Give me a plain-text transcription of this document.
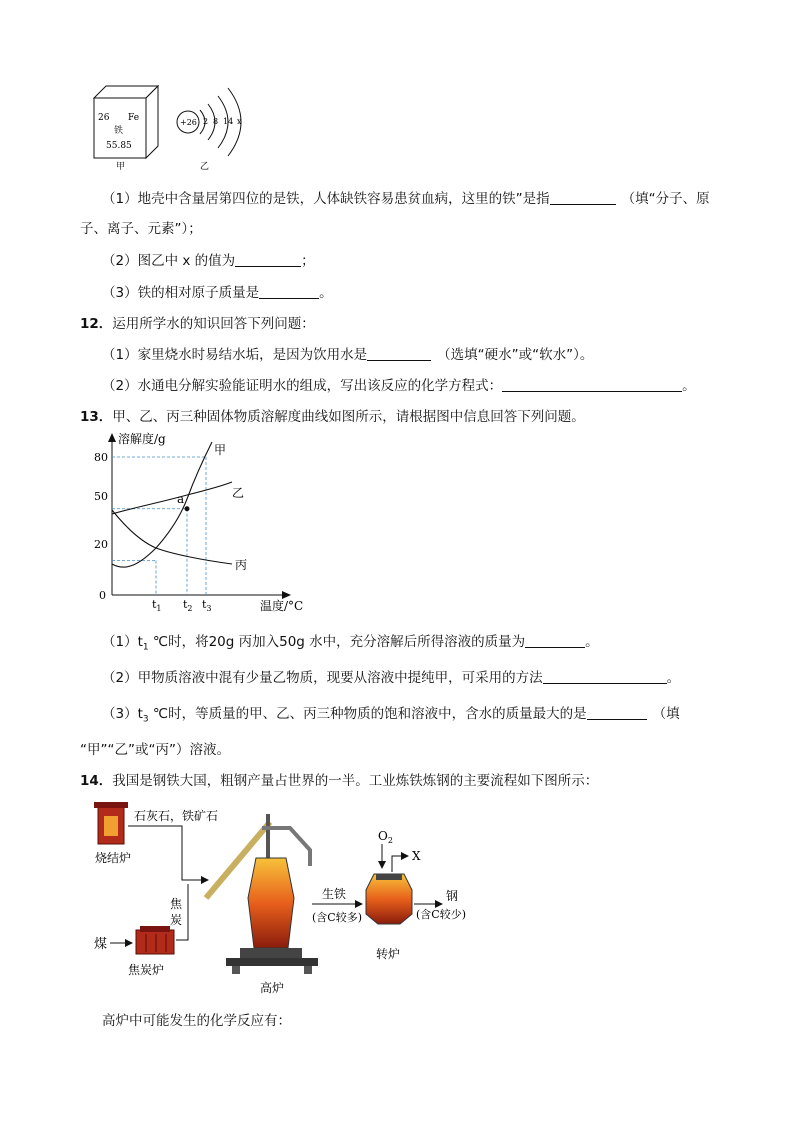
26 Fe
铁
55.85
甲
+26 2 8 14 x
乙
（1）地壳中含量居第四位的是铁，人体缺铁容易患贫血病，这里的铁”是指	（填“分子、原
子、离子、元素”）；
（2）图乙中 x 的值为	；
（3）铁的相对原子质量是	。
12．运用所学水的知识回答下列问题：
（1）家里烧水时易结水垢，是因为饮用水是	（选填“硬水”或“软水”）。
（2）水通电分解实验能证明水的组成，写出该反应的化学方程式：	。
13．甲、乙、丙三种固体物质溶解度曲线如图所示，请根据图中信息回答下列问题。
溶解度/g
温度/°C
80
50
20
0
甲
乙
丙
a
$t_1$ $t_2$ $t_3$
$(1)t_1$ ℃时，将20g 丙加入50g 水中，充分溶解后所得溶液的质量为	。
（2）甲物质溶液中混有少量乙物质，现要从溶液中提纯甲，可采用的方法	。
$(3)t_3$ ℃时，等质量的甲、乙、丙三种物质的饱和溶液中，含水的质量最大的是	（填
“甲”“乙”或“丙”）溶液。
14．我国是钢铁大国，粗钢产量占世界的一半。工业炼铁炼钢的主要流程如下图所示：
烧结炉
石灰石，铁矿石
煤
焦炭炉
焦
炭
高炉
生铁
(含C较多)
$O_2$
X
转炉
钢
(含C较少)
高炉中可能发生的化学反应有：
